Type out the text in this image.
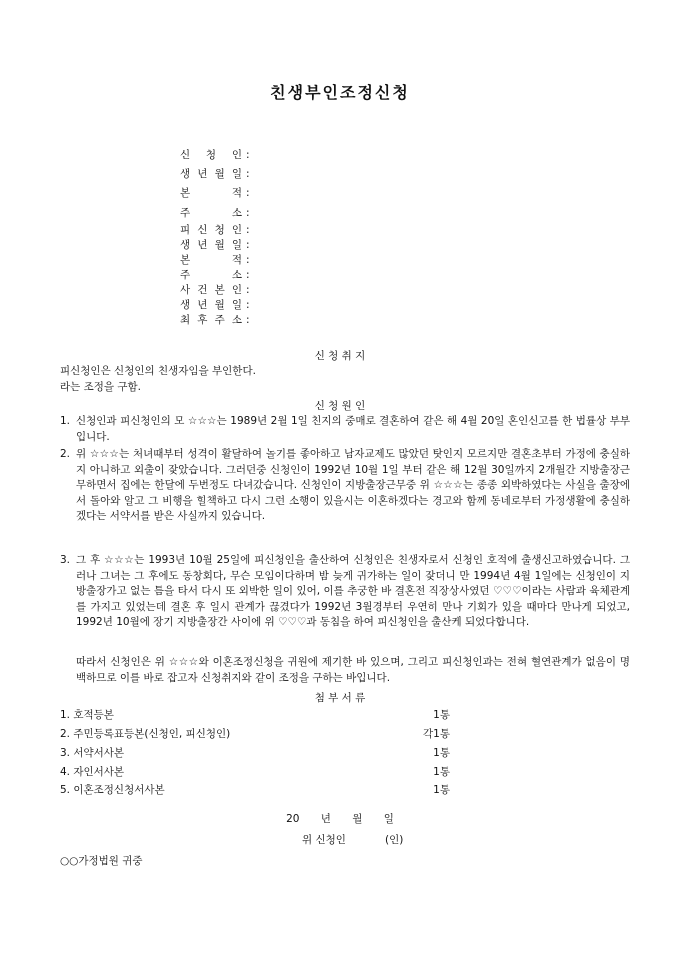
친생부인조정신청
신 청 인 :
생 년 월 일 :
본 적 :
주 소 :
피 신 청 인 :
생 년 월 일 :
본 적 :
주 소 :
사 건 본 인 :
생 년 월 일 :
최 후 주 소 :
신 청 취 지
피신청인은 신청인의 친생자임을 부인한다.
라는 조정을 구함.
신 청 원 인
1. 신청인과 피신청인의 모 ☆☆☆는 1989년 2월 1일 친지의 중매로 결혼하여 같은 해 4월 20일 혼인신고를 한 법률상 부부입니다.
2. 위 ☆☆☆는 처녀때부터 성격이 활달하여 놀기를 좋아하고 남자교제도 많았던 탓인지 모르지만 결혼초부터 가정에 충실하지 아니하고 외출이 잦았습니다. 그러던중 신청인이 1992년 10월 1일 부터 같은 해 12월 30일까지 2개월간 지방출장근무하면서 집에는 한달에 두번정도 다녀갔습니다. 신청인이 지방출장근무중 위 ☆☆☆는 종종 외박하였다는 사실을 출장에서 돌아와 알고 그 비행을 힐책하고 다시 그런 소행이 있을시는 이혼하겠다는 경고와 함께 동네로부터 가정생활에 충실하겠다는 서약서를 받은 사실까지 있습니다.
3. 그 후 ☆☆☆는 1993년 10월 25일에 피신청인을 출산하여 신청인은 친생자로서 신청인 호적에 출생신고하였습니다. 그러나 그녀는 그 후에도 동창회다, 무슨 모임이다하며 밤 늦게 귀가하는 일이 잦더니 만 1994년 4월 1일에는 신청인이 지방출장가고 없는 틈을 타서 다시 또 외박한 일이 있어, 이를 추궁한 바 결혼전 직장상사였던 ♡♡♡이라는 사람과 육체관계를 가지고 있었는데 결혼 후 일시 관계가 끊겼다가 1992년 3월경부터 우연히 만나 기회가 있을 때마다 만나게 되었고, 1992년 10월에 장기 지방출장간 사이에 위 ♡♡♡과 동침을 하여 피신청인을 출산케 되었다합니다.
따라서 신청인은 위 ☆☆☆와 이혼조정신청을 귀원에 제기한 바 있으며, 그리고 피신청인과는 전혀 혈연관계가 없음이 명백하므로 이를 바로 잡고자 신청취지와 같이 조정을 구하는 바입니다.
첨 부 서 류
1. 호적등본	1통
2. 주민등록표등본(신청인, 피신청인)	각1통
3. 서약서사본	1통
4. 자인서사본	1통
5. 이혼조정신청서사본	1통
20 년 월 일
위 신청인	(인)
○○가정법원 귀중
